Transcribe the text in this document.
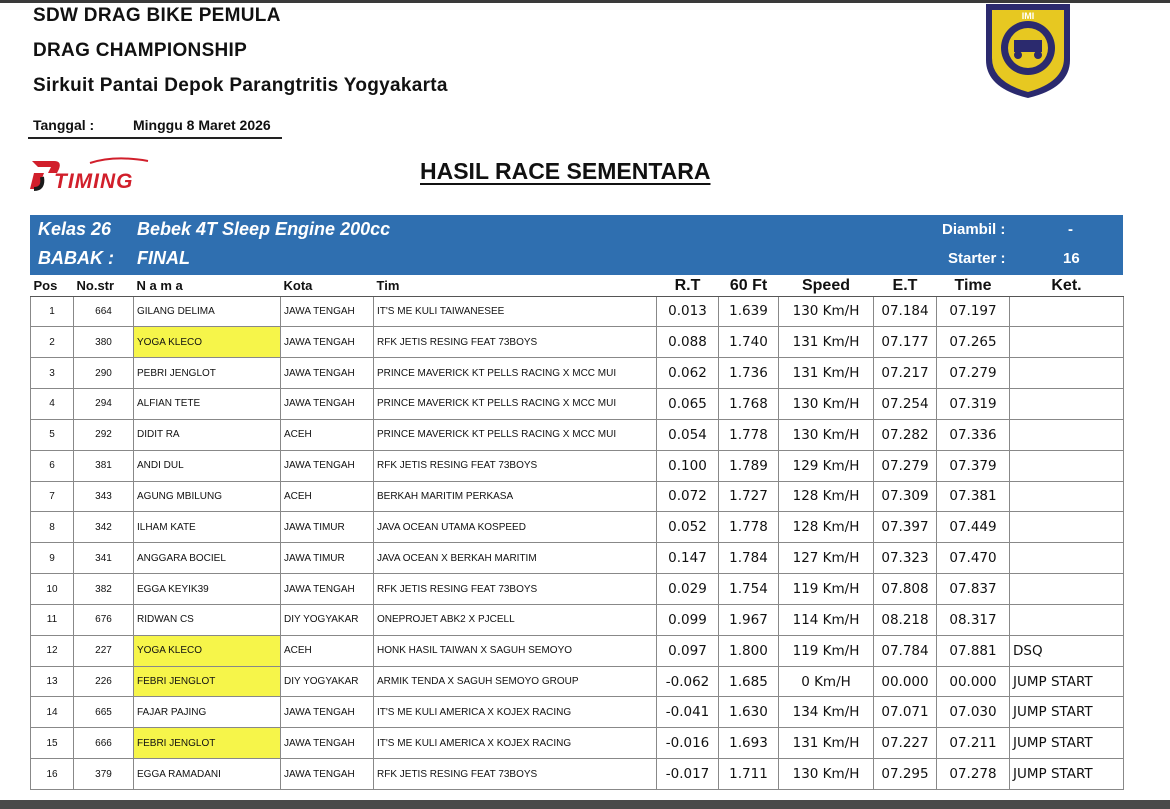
SDW DRAG BIKE PEMULA
DRAG CHAMPIONSHIP
Sirkuit Pantai Depok Parangtritis Yogyakarta
Tanggal :	Minggu 8 Maret 2026
TIMING	HASIL RACE SEMENTARA
IMI
Kelas 26 Bebek 4T Sleep Engine 200cc
BABAK : FINAL
Diambil :	-
Starter :	16
Pos	No.str	N a m a	Kota	Tim	R.T	60 Ft	Speed	E.T	Time	Ket.
1	664	GILANG DELIMA	JAWA TENGAH	IT'S ME KULI TAIWANESEE	0.013	1.639	130 Km/H	07.184	07.197	
2	380	YOGA KLECO	JAWA TENGAH	RFK JETIS RESING FEAT 73BOYS	0.088	1.740	131 Km/H	07.177	07.265	
3	290	PEBRI JENGLOT	JAWA TENGAH	PRINCE MAVERICK KT PELLS RACING X MCC MUI	0.062	1.736	131 Km/H	07.217	07.279	
4	294	ALFIAN TETE	JAWA TENGAH	PRINCE MAVERICK KT PELLS RACING X MCC MUI	0.065	1.768	130 Km/H	07.254	07.319	
5	292	DIDIT RA	ACEH	PRINCE MAVERICK KT PELLS RACING X MCC MUI	0.054	1.778	130 Km/H	07.282	07.336	
6	381	ANDI DUL	JAWA TENGAH	RFK JETIS RESING FEAT 73BOYS	0.100	1.789	129 Km/H	07.279	07.379	
7	343	AGUNG MBILUNG	ACEH	BERKAH MARITIM PERKASA	0.072	1.727	128 Km/H	07.309	07.381	
8	342	ILHAM KATE	JAWA TIMUR	JAVA OCEAN UTAMA KOSPEED	0.052	1.778	128 Km/H	07.397	07.449	
9	341	ANGGARA BOCIEL	JAWA TIMUR	JAVA OCEAN X BERKAH MARITIM	0.147	1.784	127 Km/H	07.323	07.470	
10	382	EGGA KEYIK39	JAWA TENGAH	RFK JETIS RESING FEAT 73BOYS	0.029	1.754	119 Km/H	07.808	07.837	
11	676	RIDWAN CS	DIY YOGYAKAR	ONEPROJET ABK2 X PJCELL	0.099	1.967	114 Km/H	08.218	08.317	
12	227	YOGA KLECO	ACEH	HONK HASIL TAIWAN X SAGUH SEMOYO	0.097	1.800	119 Km/H	07.784	07.881	DSQ
13	226	FEBRI JENGLOT	DIY YOGYAKAR	ARMIK TENDA X SAGUH SEMOYO GROUP	-0.062	1.685	0 Km/H	00.000	00.000	JUMP START
14	665	FAJAR PAJING	JAWA TENGAH	IT'S ME KULI AMERICA X KOJEX RACING	-0.041	1.630	134 Km/H	07.071	07.030	JUMP START
15	666	FEBRI JENGLOT	JAWA TENGAH	IT'S ME KULI AMERICA X KOJEX RACING	-0.016	1.693	131 Km/H	07.227	07.211	JUMP START
16	379	EGGA RAMADANI	JAWA TENGAH	RFK JETIS RESING FEAT 73BOYS	-0.017	1.711	130 Km/H	07.295	07.278	JUMP START
